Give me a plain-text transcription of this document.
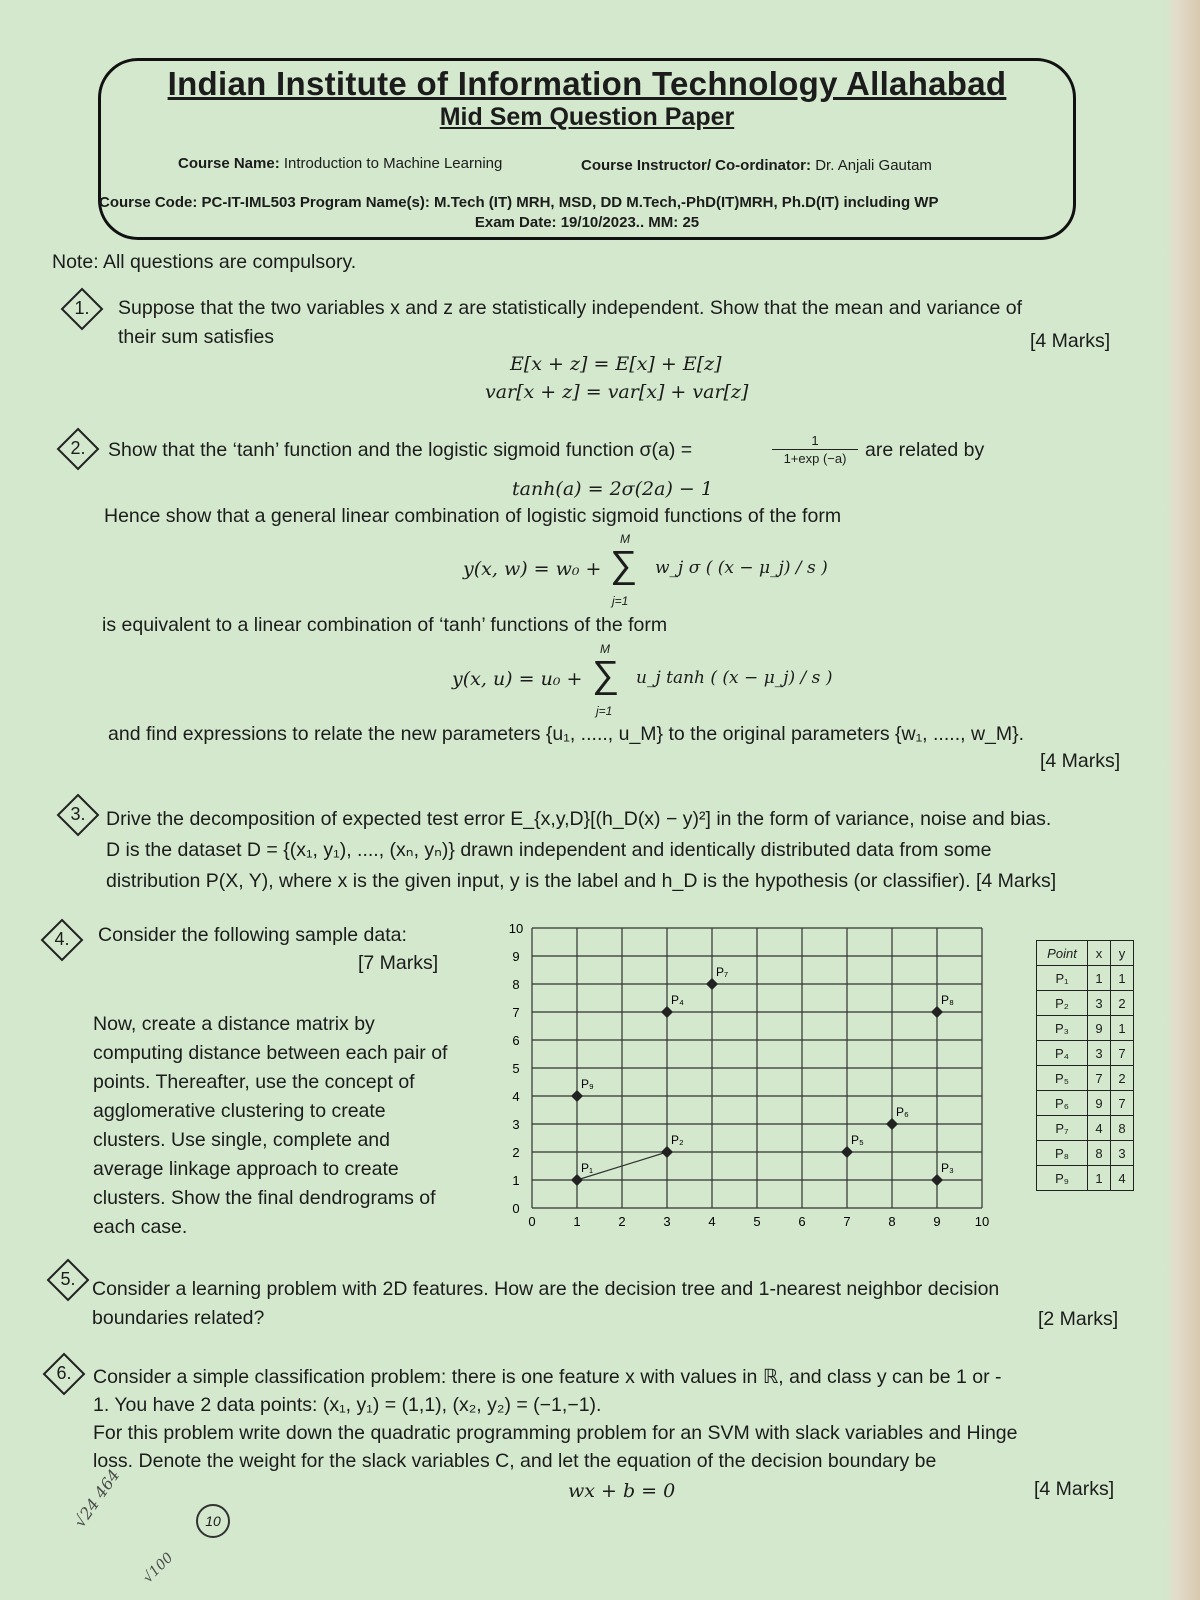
Indian Institute of Information Technology Allahabad
Mid Sem Question Paper
Course Name: Introduction to Machine Learning	Course Instructor/ Co-ordinator: Dr. Anjali Gautam
Course Code: PC-IT-IML503 Program Name(s): M.Tech (IT) MRH, MSD, DD M.Tech,-PhD(IT)MRH, Ph.D(IT) including WP
Exam Date: 19/10/2023.. MM: 25
Note: All questions are compulsory.
1.	Suppose that the two variables x and z are statistically independent. Show that the mean and variance of
their sum satisfies	[4 Marks]
E[x + z] = E[x] + E[z]
var[x + z] = var[x] + var[z]
2.	Show that the ‘tanh’ function and the logistic sigmoid function σ(a) =	1
1+exp (−a) are related by
tanh(a) = 2σ(2a) − 1
Hence show that a general linear combination of logistic sigmoid functions of the form
M
y(x, w) = w₀ + ∑ w_j σ ( (x − μ_j) / s )
j=1
is equivalent to a linear combination of ‘tanh’ functions of the form
M
y(x, u) = u₀ + ∑ u_j tanh ( (x − μ_j) / s )
j=1
and find expressions to relate the new parameters {u₁, ....., u_M} to the original parameters {w₁, ....., w_M}.
[4 Marks]
3.	Drive the decomposition of expected test error E_{x,y,D}[(h_D(x) − y)²] in the form of variance, noise and bias.
D is the dataset D = {(x₁, y₁), ...., (xₙ, yₙ)} drawn independent and identically distributed data from some
distribution P(X, Y), where x is the given input, y is the label and h_D is the hypothesis (or classifier). [4 Marks]
4.	Consider the following sample data:
[7 Marks]
Now, create a distance matrix by
computing distance between each pair of
points. Thereafter, use the concept of
agglomerative clustering to create
clusters. Use single, complete and
average linkage approach to create
clusters. Show the final dendrograms of
each case.	0	1	2	3	4	5	6	7	8	9	10
0
1
2
3
4
5
6
7
8
9
10
P₁
P₂
P₃
P₄
P₅
P₆
P₇
P₈
P₉
Point	x	y
P₁	1	1
P₂	3	2
P₃	9	1
P₄	3	7
P₅	7	2
P₆	9	7
P₇	4	8
P₈	8	3
P₉	1	4
5. Consider a learning problem with 2D features. How are the decision tree and 1-nearest neighbor decision
boundaries related?	[2 Marks]
6.	Consider a simple classification problem: there is one feature x with values in ℝ, and class y can be 1 or -
1. You have 2 data points: (x₁, y₁) = (1,1), (x₂, y₂) = (−1,−1).
For this problem write down the quadratic programming problem for an SVM with slack variables and Hinge
loss. Denote the weight for the slack variables C, and let the equation of the decision boundary be
wx + b = 0	[4 Marks]
√24 464
√100
10
